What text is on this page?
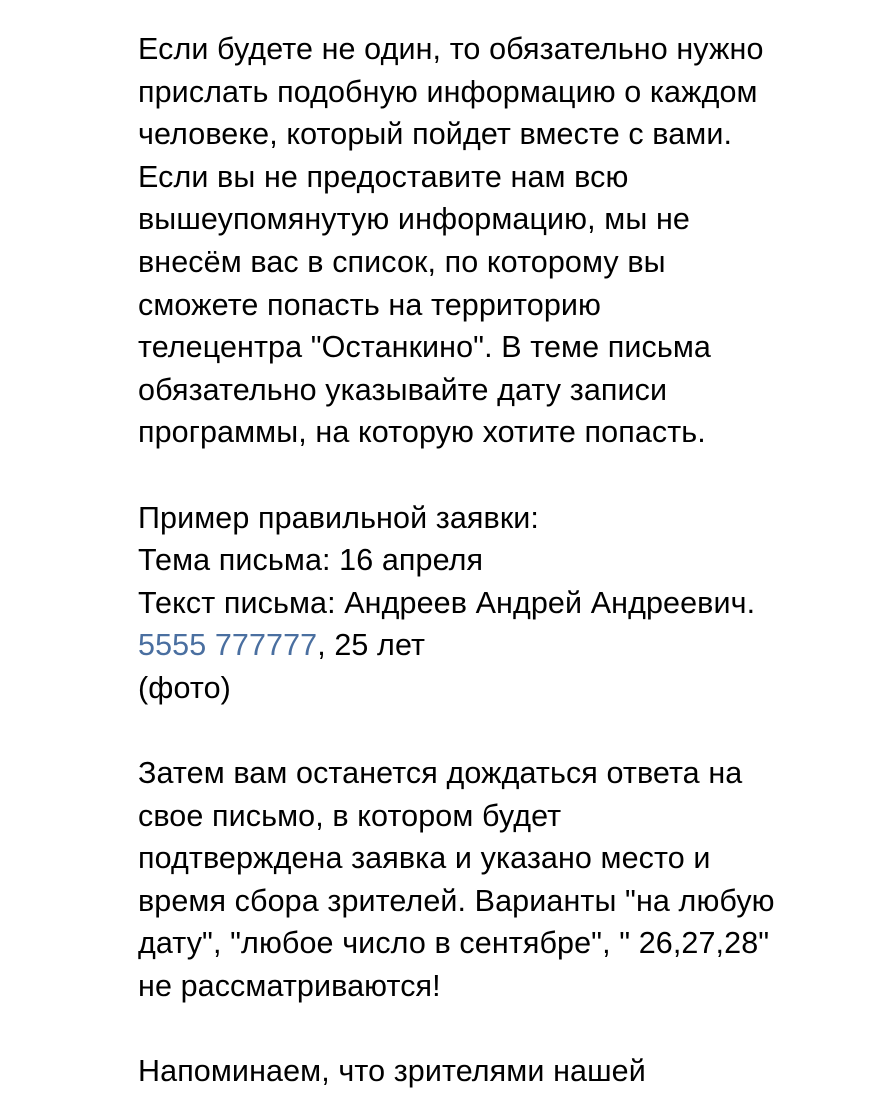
Если будете не один, то обязательно нужно
прислать подобную информацию о каждом
человеке, который пойдет вместе с вами.
Если вы не предоставите нам всю
вышеупомянутую информацию, мы не
внесём вас в список, по которому вы
сможете попасть на территорию
телецентра "Останкино". В теме письма
обязательно указывайте дату записи
программы, на которую хотите попасть.
Пример правильной заявки:
Тема письма: 16 апреля
Текст письма: Андреев Андрей Андреевич.
5555 777777, 25 лет
(фото)
Затем вам останется дождаться ответа на
свое письмо, в котором будет
подтверждена заявка и указано место и
время сбора зрителей. Варианты "на любую
дату", "любое число в сентябре", " 26,27,28"
не рассматриваются!
Напоминаем, что зрителями нашей
